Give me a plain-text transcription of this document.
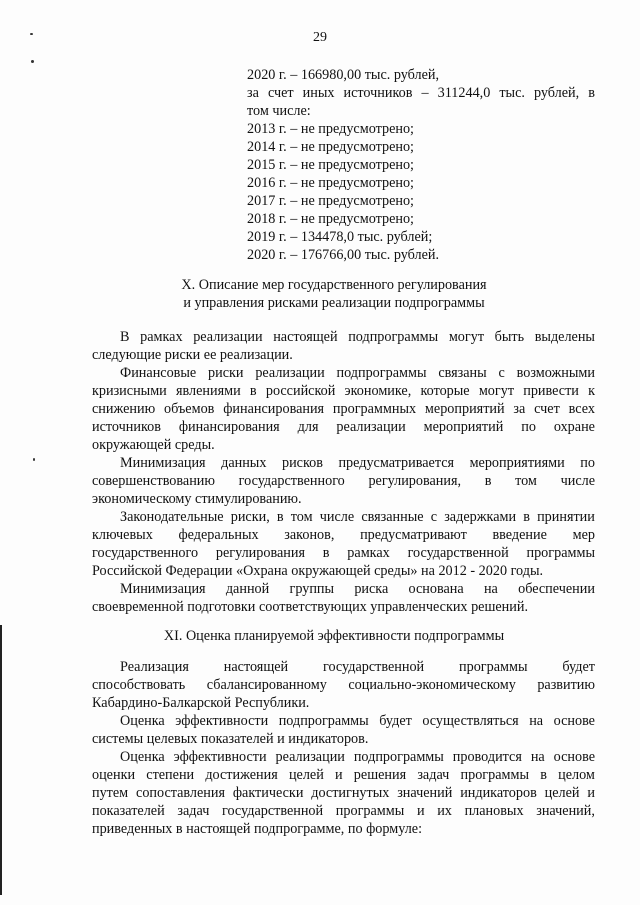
29
2020 г. – 166980,00 тыс. рублей,
за счет иных источников – 311244,0 тыс. рублей, в
том числе:
2013 г. – не предусмотрено;
2014 г. – не предусмотрено;
2015 г. – не предусмотрено;
2016 г. – не предусмотрено;
2017 г. – не предусмотрено;
2018 г. – не предусмотрено;
2019 г. – 134478,0 тыс. рублей;
2020 г. – 176766,00 тыс. рублей.
X. Описание мер государственного регулирования
и управления рисками реализации подпрограммы
В рамках реализации настоящей подпрограммы могут быть выделены
следующие риски ее реализации.
Финансовые риски реализации подпрограммы связаны с возможными
кризисными явлениями в российской экономике, которые могут привести к
снижению объемов финансирования программных мероприятий за счет всех
источников финансирования для реализации мероприятий по охране
окружающей среды.
Минимизация данных рисков предусматривается мероприятиями по
совершенствованию государственного регулирования, в том числе
экономическому стимулированию.
Законодательные риски, в том числе связанные с задержками в принятии
ключевых федеральных законов, предусматривают введение мер
государственного регулирования в рамках государственной программы
Российской Федерации «Охрана окружающей среды» на 2012 - 2020 годы.
Минимизация данной группы риска основана на обеспечении
своевременной подготовки соответствующих управленческих решений.
XI. Оценка планируемой эффективности подпрограммы
Реализация настоящей государственной программы будет
способствовать сбалансированному социально-экономическому развитию
Кабардино-Балкарской Республики.
Оценка эффективности подпрограммы будет осуществляться на основе
системы целевых показателей и индикаторов.
Оценка эффективности реализации подпрограммы проводится на основе
оценки степени достижения целей и решения задач программы в целом
путем сопоставления фактически достигнутых значений индикаторов целей и
показателей задач государственной программы и их плановых значений,
приведенных в настоящей подпрограмме, по формуле:
